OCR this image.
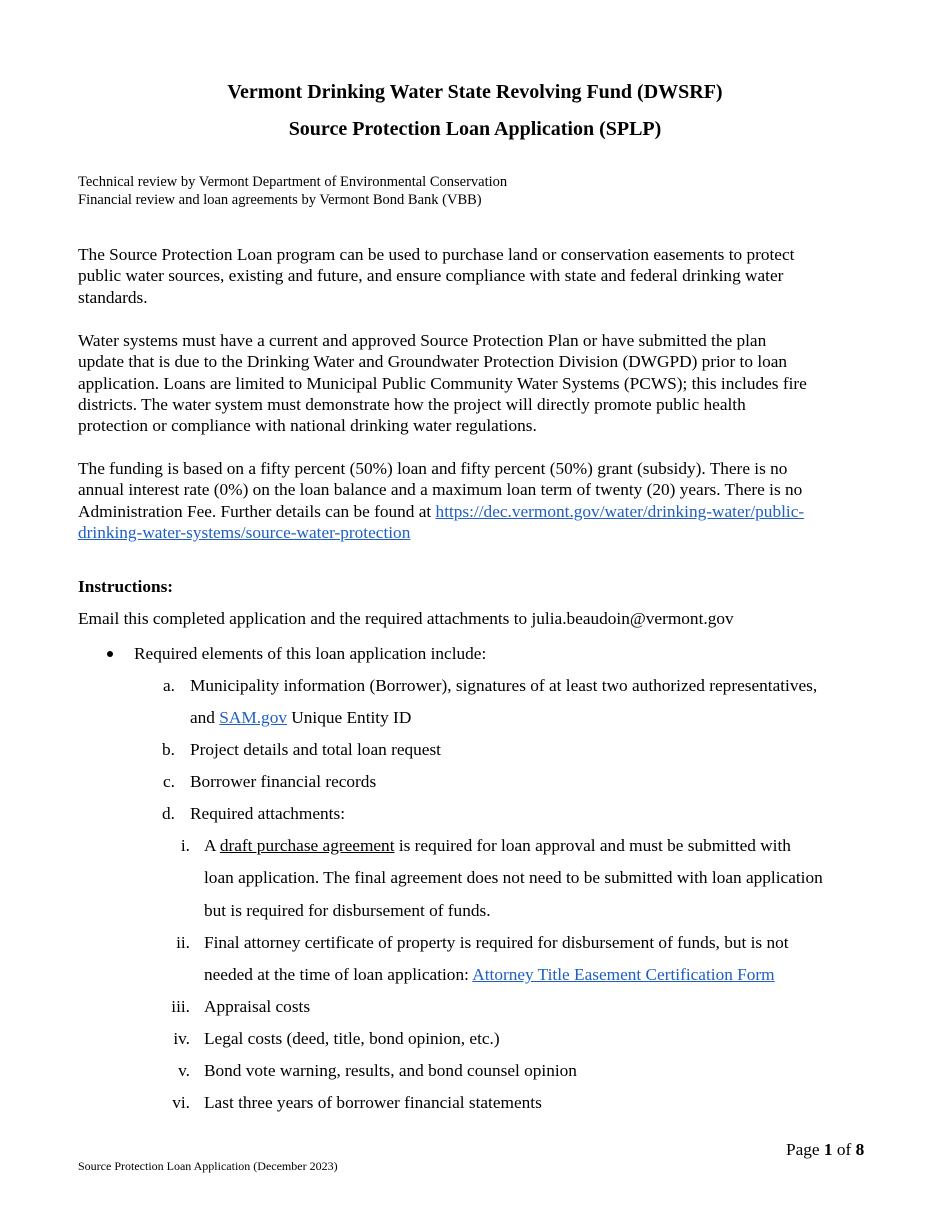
Vermont Drinking Water State Revolving Fund (DWSRF)
Source Protection Loan Application (SPLP)
Technical review by Vermont Department of Environmental Conservation
Financial review and loan agreements by Vermont Bond Bank (VBB)
The Source Protection Loan program can be used to purchase land or conservation easements to protect
public water sources, existing and future, and ensure compliance with state and federal drinking water
standards.
Water systems must have a current and approved Source Protection Plan or have submitted the plan
update that is due to the Drinking Water and Groundwater Protection Division (DWGPD) prior to loan
application. Loans are limited to Municipal Public Community Water Systems (PCWS); this includes fire
districts. The water system must demonstrate how the project will directly promote public health
protection or compliance with national drinking water regulations.
The funding is based on a fifty percent (50%) loan and fifty percent (50%) grant (subsidy). There is no
annual interest rate (0%) on the loan balance and a maximum loan term of twenty (20) years. There is no
Administration Fee. Further details can be found at https://dec.vermont.gov/water/drinking-water/public-
drinking-water-systems/source-water-protection
Instructions:
Email this completed application and the required attachments to julia.beaudoin@vermont.gov
Required elements of this loan application include:
a. Municipality information (Borrower), signatures of at least two authorized representatives,
and SAM.gov Unique Entity ID
b. Project details and total loan request
c. Borrower financial records
d. Required attachments:
i. A draft purchase agreement is required for loan approval and must be submitted with
loan application. The final agreement does not need to be submitted with loan application
but is required for disbursement of funds.
ii. Final attorney certificate of property is required for disbursement of funds, but is not
needed at the time of loan application: Attorney Title Easement Certification Form
iii. Appraisal costs
iv. Legal costs (deed, title, bond opinion, etc.)
v. Bond vote warning, results, and bond counsel opinion
vi. Last three years of borrower financial statements
Page 1 of 8
Source Protection Loan Application (December 2023)
